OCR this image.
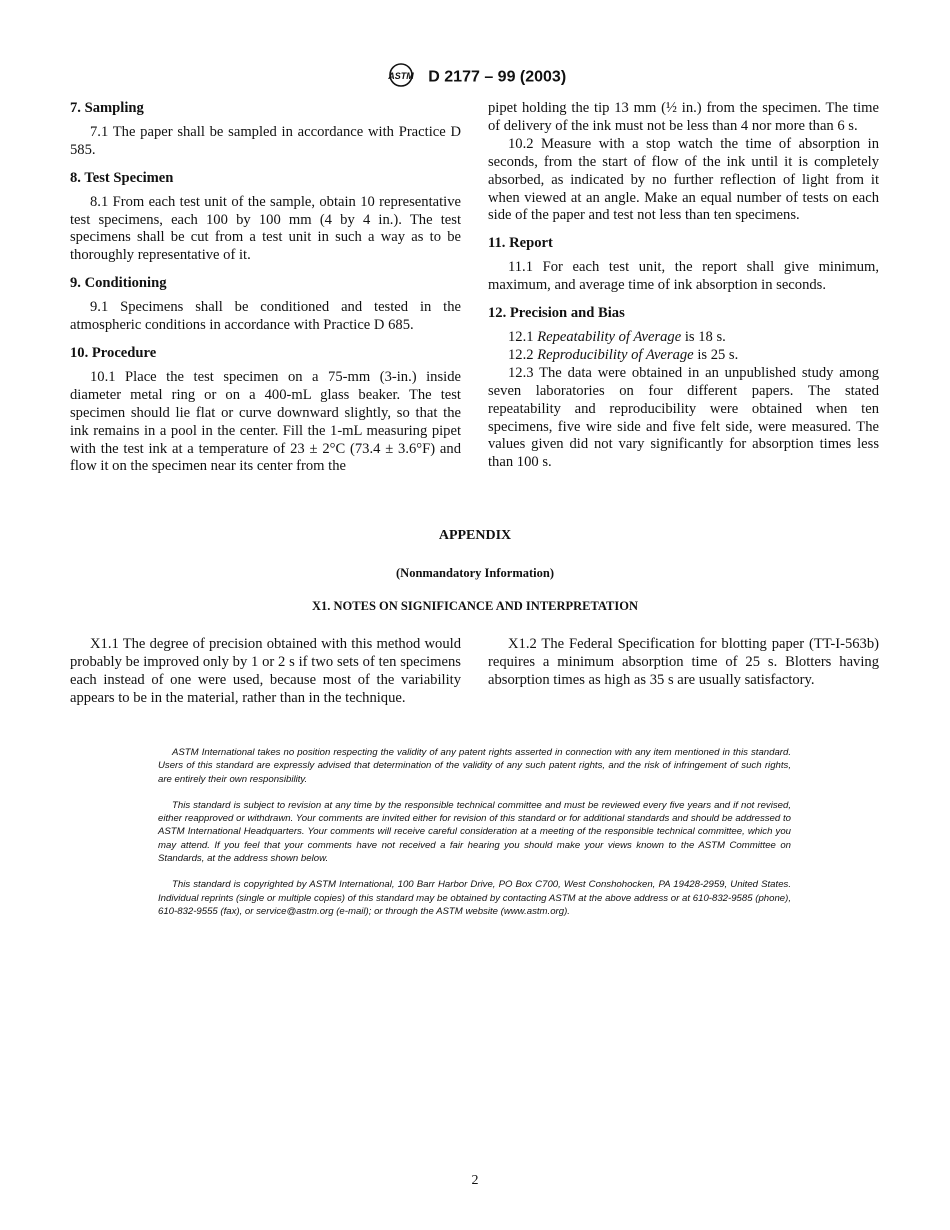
ASTM D 2177 – 99 (2003)
7. Sampling

7.1 The paper shall be sampled in accordance with Practice D 585.

8. Test Specimen

8.1 From each test unit of the sample, obtain 10 representative test specimens, each 100 by 100 mm (4 by 4 in.). The test specimens shall be cut from a test unit in such a way as to be thoroughly representative of it.

9. Conditioning

9.1 Specimens shall be conditioned and tested in the atmospheric conditions in accordance with Practice D 685.

10. Procedure

10.1 Place the test specimen on a 75-mm (3-in.) inside diameter metal ring or on a 400-mL glass beaker. The test specimen should lie flat or curve downward slightly, so that the ink remains in a pool in the center. Fill the 1-mL measuring pipet with the test ink at a temperature of 23 ± 2°C (73.4 ± 3.6°F) and flow it on the specimen near its center from the

pipet holding the tip 13 mm (½ in.) from the specimen. The time of delivery of the ink must not be less than 4 nor more than 6 s.

10.2 Measure with a stop watch the time of absorption in seconds, from the start of flow of the ink until it is completely absorbed, as indicated by no further reflection of light from it when viewed at an angle. Make an equal number of tests on each side of the paper and test not less than ten specimens.

11. Report

11.1 For each test unit, the report shall give minimum, maximum, and average time of ink absorption in seconds.

12. Precision and Bias

12.1 Repeatability of Average is 18 s.

12.2 Reproducibility of Average is 25 s.

12.3 The data were obtained in an unpublished study among seven laboratories on four different papers. The stated repeatability and reproducibility were obtained when ten specimens, five wire side and five felt side, were measured. The values given did not vary significantly for absorption times less than 100 s.

APPENDIX
(Nonmandatory Information)
X1. NOTES ON SIGNIFICANCE AND INTERPRETATION

X1.1 The degree of precision obtained with this method would probably be improved only by 1 or 2 s if two sets of ten specimens each instead of one were used, because most of the variability appears to be in the material, rather than in the technique.

X1.2 The Federal Specification for blotting paper (TT-I-563b) requires a minimum absorption time of 25 s. Blotters having absorption times as high as 35 s are usually satisfactory.

ASTM International takes no position respecting the validity of any patent rights asserted in connection with any item mentioned in this standard. Users of this standard are expressly advised that determination of the validity of any such patent rights, and the risk of infringement of such rights, are entirely their own responsibility.

This standard is subject to revision at any time by the responsible technical committee and must be reviewed every five years and if not revised, either reapproved or withdrawn. Your comments are invited either for revision of this standard or for additional standards and should be addressed to ASTM International Headquarters. Your comments will receive careful consideration at a meeting of the responsible technical committee, which you may attend. If you feel that your comments have not received a fair hearing you should make your views known to the ASTM Committee on Standards, at the address shown below.

This standard is copyrighted by ASTM International, 100 Barr Harbor Drive, PO Box C700, West Conshohocken, PA 19428-2959, United States. Individual reprints (single or multiple copies) of this standard may be obtained by contacting ASTM at the above address or at 610-832-9585 (phone), 610-832-9555 (fax), or service@astm.org (e-mail); or through the ASTM website (www.astm.org).

2
